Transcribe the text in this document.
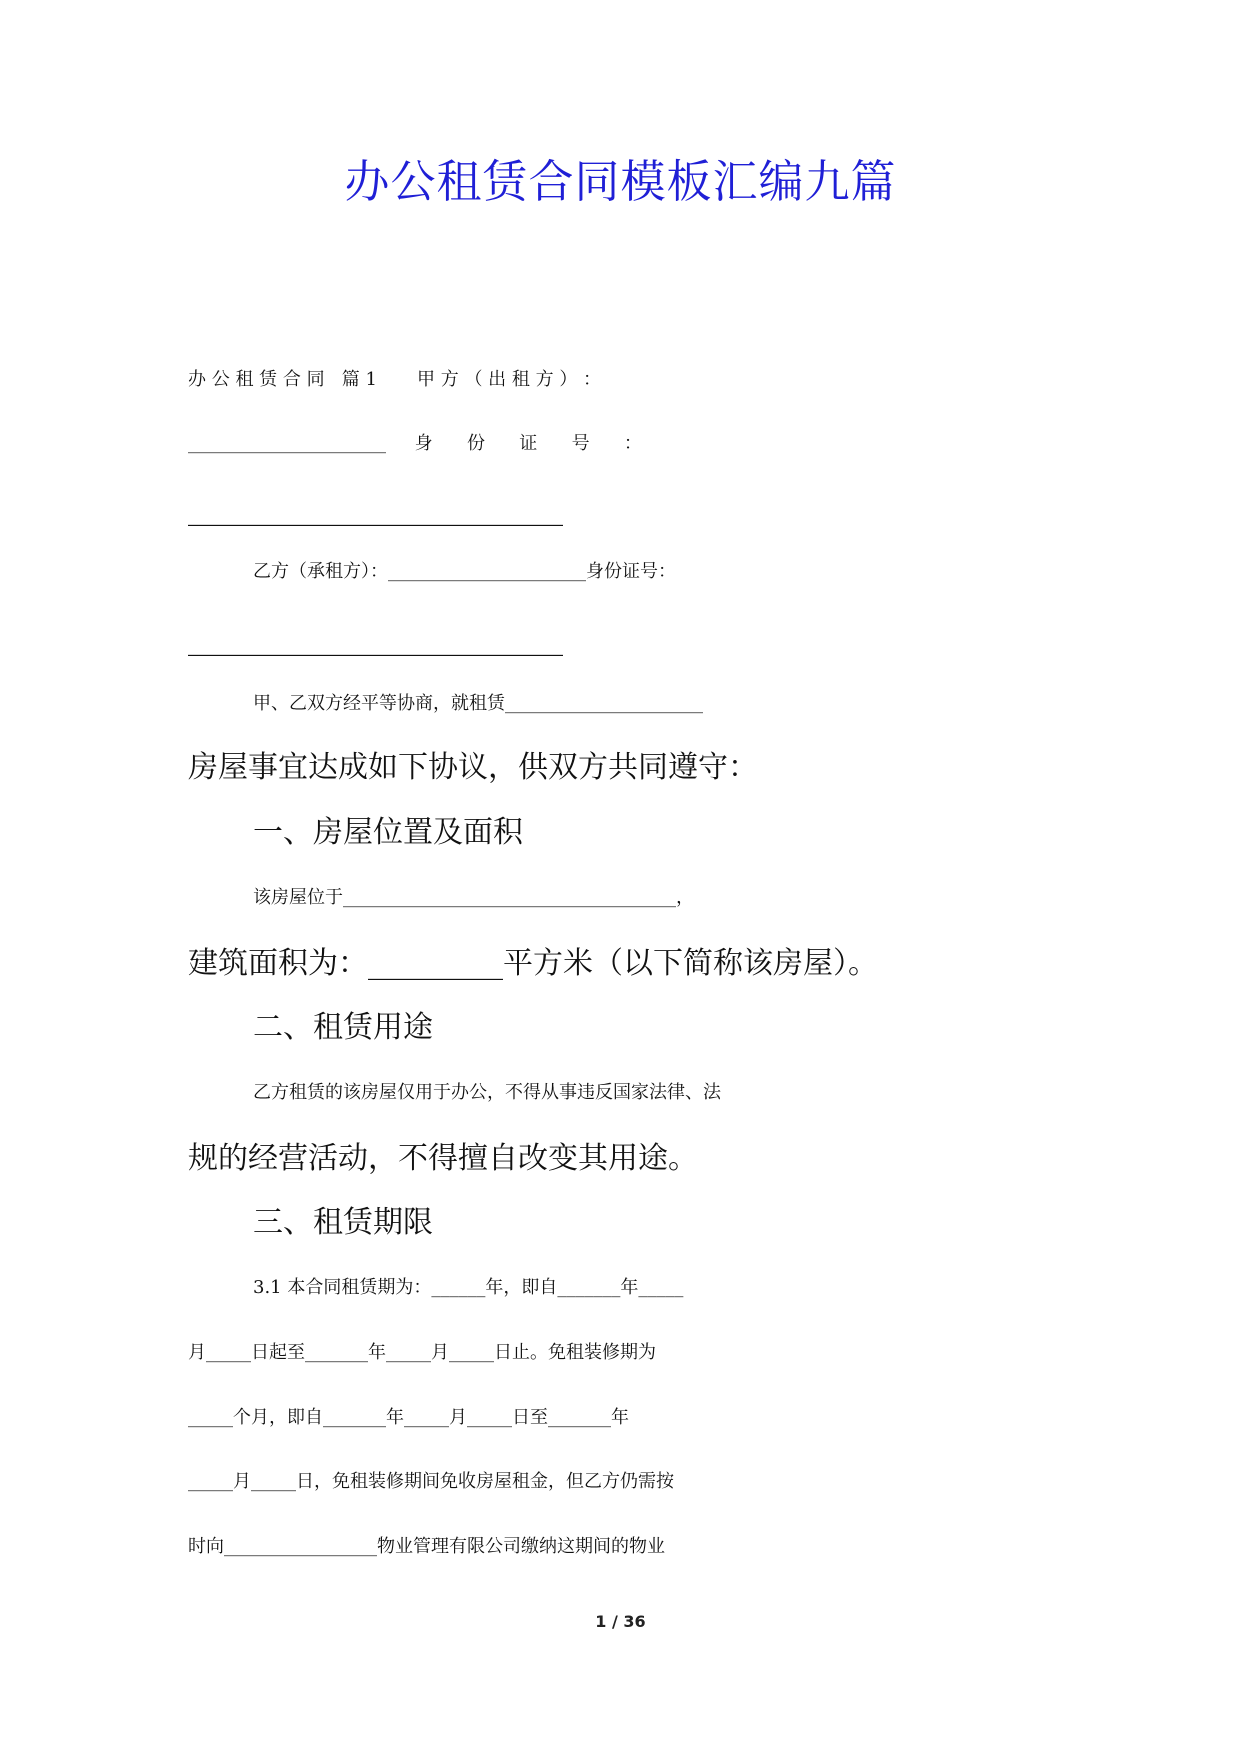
办公租赁合同模板汇编九篇
办 公 租 赁 合 同   篇 1       甲 方 （ 出 租 方 ） ：
______________________     身      份      证      号      ：
_________________________
乙方（承租方）：______________________身份证号：
_________________________
甲、乙双方经平等协商，就租赁______________________
房屋事宜达成如下协议，供双方共同遵守：
一、房屋位置及面积
该房屋位于_____________________________________，
建筑面积为：_________平方米（以下简称该房屋）。
二、租赁用途
乙方租赁的该房屋仅用于办公，不得从事违反国家法律、法
规的经营活动，不得擅自改变其用途。
三、租赁期限
3.1 本合同租赁期为：______年，即自_______年_____
月_____日起至_______年_____月_____日止。免租装修期为
_____个月，即自_______年_____月_____日至_______年
_____月_____日，免租装修期间免收房屋租金，但乙方仍需按
时向_________________物业管理有限公司缴纳这期间的物业
1 / 36
